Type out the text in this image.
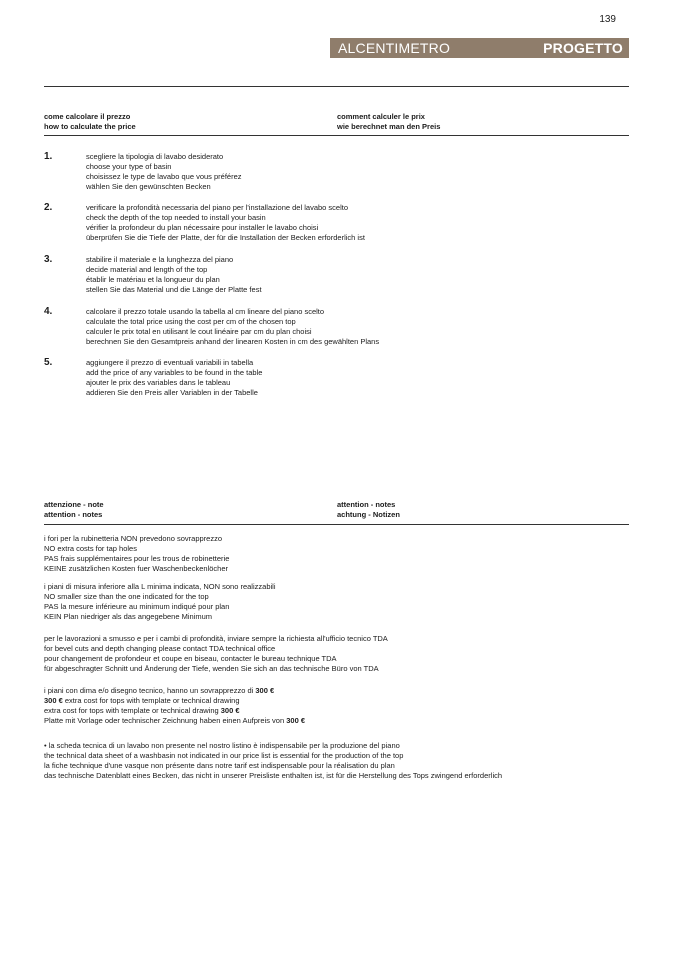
139
ALCENTIMETRO	PROGETTO
come calcolare il prezzo
how to calculate the price
comment calculer le prix
wie berechnet man den Preis
1.	scegliere la tipologia di lavabo desiderato
choose your type of basin
choisissez le type de lavabo que vous préférez
wählen Sie den gewünschten Becken
2.	verificare la profondità necessaria del piano per l'installazione del lavabo scelto
check the depth of the top needed to install your basin
vérifier la profondeur du plan nécessaire pour installer le lavabo choisi
überprüfen Sie die Tiefe der Platte, der für die Installation der Becken erforderlich ist
3.	stabilire il materiale e la lunghezza del piano
decide material and length of the top
établir le matériau et la longueur du plan
stellen Sie das Material und die Länge der Platte fest
4.	calcolare il prezzo totale usando la tabella al cm lineare del piano scelto
calculate the total price using the cost per cm of the chosen top
calculer le prix total en utilisant le cout linéaire par cm du plan choisi
berechnen Sie den Gesamtpreis anhand der linearen Kosten in cm des gewählten Plans
5.	aggiungere il prezzo di eventuali variabili in tabella
add the price of any variables to be found in the table
ajouter le prix des variables dans le tableau
addieren Sie den Preis aller Variablen in der Tabelle
attenzione - note
attention - notes
attention - notes
achtung - Notizen
i fori per la rubinetteria NON prevedono sovrapprezzo
NO extra costs for tap holes
PAS frais supplémentaires pour les trous de robinetterie
KEINE zusätzlichen Kosten fuer Waschenbeckenlöcher
i piani di misura inferiore alla L minima indicata, NON sono realizzabili
NO smaller size than the one indicated for the top
PAS la mesure inférieure au minimum indiqué pour plan
KEIN Plan niedriger als das angegebene Minimum
per le lavorazioni a smusso e per i cambi di profondità, inviare sempre la richiesta all'ufficio tecnico TDA
for bevel cuts and depth changing please contact TDA technical office
pour changement de profondeur et coupe en biseau, contacter le bureau technique TDA
für abgeschragter Schnitt und Änderung der Tiefe, wenden Sie sich an das technische Büro von TDA
i piani con dima e/o disegno tecnico, hanno un sovrapprezzo di 300 €
300 € extra cost for tops with template or technical drawing
extra cost for tops with template or technical drawing 300 €
Platte mit Vorlage oder technischer Zeichnung haben einen Aufpreis von 300 €
• la scheda tecnica di un lavabo non presente nel nostro listino è indispensabile per la produzione del piano
the technical data sheet of a washbasin not indicated in our price list is essential for the production of the top
la fiche technique d'une vasque non présente dans notre tarif est indispensable pour la réalisation du plan
das technische Datenblatt eines Becken, das nicht in unserer Preisliste enthalten ist, ist für die Herstellung des Tops zwingend erforderlich
